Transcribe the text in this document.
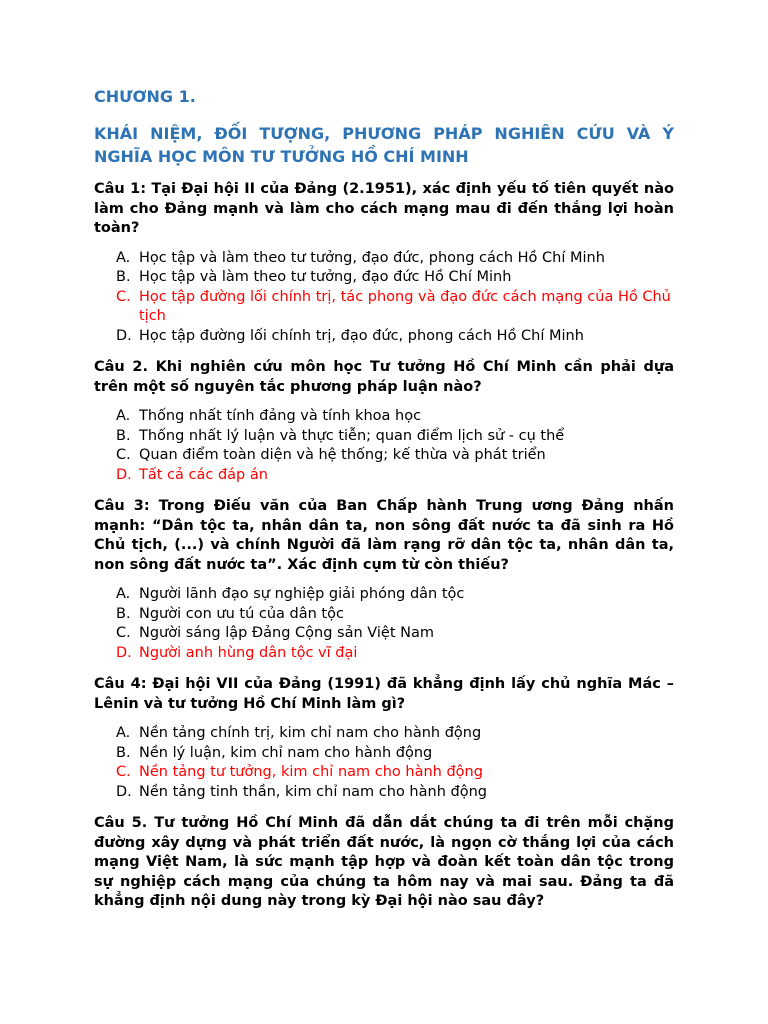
CHƯƠNG 1.
KHÁI NIỆM, ĐỐI TƯỢNG, PHƯƠNG PHÁP NGHIÊN CỨU VÀ Ý NGHĨA HỌC MÔN TƯ TƯỞNG HỒ CHÍ MINH
Câu 1: Tại Đại hội II của Đảng (2.1951), xác định yếu tố tiên quyết nào làm cho Đảng mạnh và làm cho cách mạng mau đi đến thắng lợi hoàn toàn?
A. Học tập và làm theo tư tưởng, đạo đức, phong cách Hồ Chí Minh
B. Học tập và làm theo tư tưởng, đạo đức Hồ Chí Minh
C. Học tập đường lối chính trị, tác phong và đạo đức cách mạng của Hồ Chủ tịch
D. Học tập đường lối chính trị, đạo đức, phong cách Hồ Chí Minh
Câu 2. Khi nghiên cứu môn học Tư tưởng Hồ Chí Minh cần phải dựa trên một số nguyên tắc phương pháp luận nào?
A. Thống nhất tính đảng và tính khoa học
B. Thống nhất lý luận và thực tiễn; quan điểm lịch sử - cụ thể
C. Quan điểm toàn diện và hệ thống; kế thừa và phát triển
D. Tất cả các đáp án
Câu 3: Trong Điếu văn của Ban Chấp hành Trung ương Đảng nhấn mạnh: “Dân tộc ta, nhân dân ta, non sông đất nước ta đã sinh ra Hồ Chủ tịch, (...) và chính Người đã làm rạng rỡ dân tộc ta, nhân dân ta, non sông đất nước ta”. Xác định cụm từ còn thiếu?
A. Người lãnh đạo sự nghiệp giải phóng dân tộc
B. Người con ưu tú của dân tộc
C. Người sáng lập Đảng Cộng sản Việt Nam
D. Người anh hùng dân tộc vĩ đại
Câu 4: Đại hội VII của Đảng (1991) đã khẳng định lấy chủ nghĩa Mác – Lênin và tư tưởng Hồ Chí Minh làm gì?
A. Nền tảng chính trị, kim chỉ nam cho hành động
B. Nền lý luận, kim chỉ nam cho hành động
C. Nền tảng tư tưởng, kim chỉ nam cho hành động
D. Nền tảng tinh thần, kim chỉ nam cho hành động
Câu 5. Tư tưởng Hồ Chí Minh đã dẫn dắt chúng ta đi trên mỗi chặng đường xây dựng và phát triển đất nước, là ngọn cờ thắng lợi của cách mạng Việt Nam, là sức mạnh tập hợp và đoàn kết toàn dân tộc trong sự nghiệp cách mạng của chúng ta hôm nay và mai sau. Đảng ta đã khẳng định nội dung này trong kỳ Đại hội nào sau đây?
